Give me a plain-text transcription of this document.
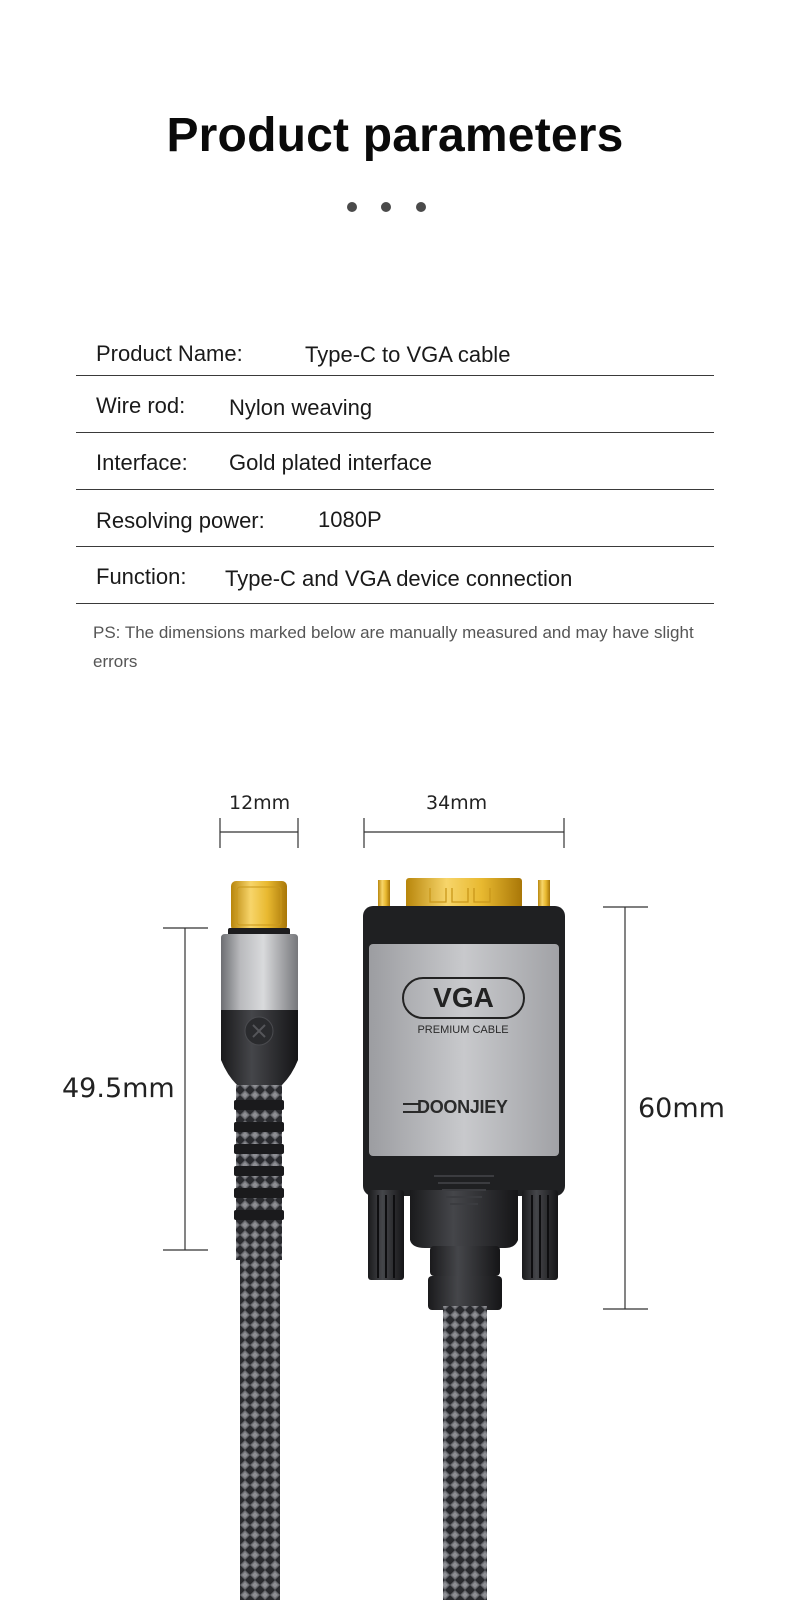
Product parameters
Product Name:	Type-C to VGA cable
Wire rod: Nylon weaving
Interface: Gold plated interface
Resolving power: 1080P
Function: Type-C and VGA device connection
PS: The dimensions marked below are manually measured and may have slight errors
12mm	34mm
49.5mm
60mm
VGA
PREMIUM CABLE
DOONJIEY
